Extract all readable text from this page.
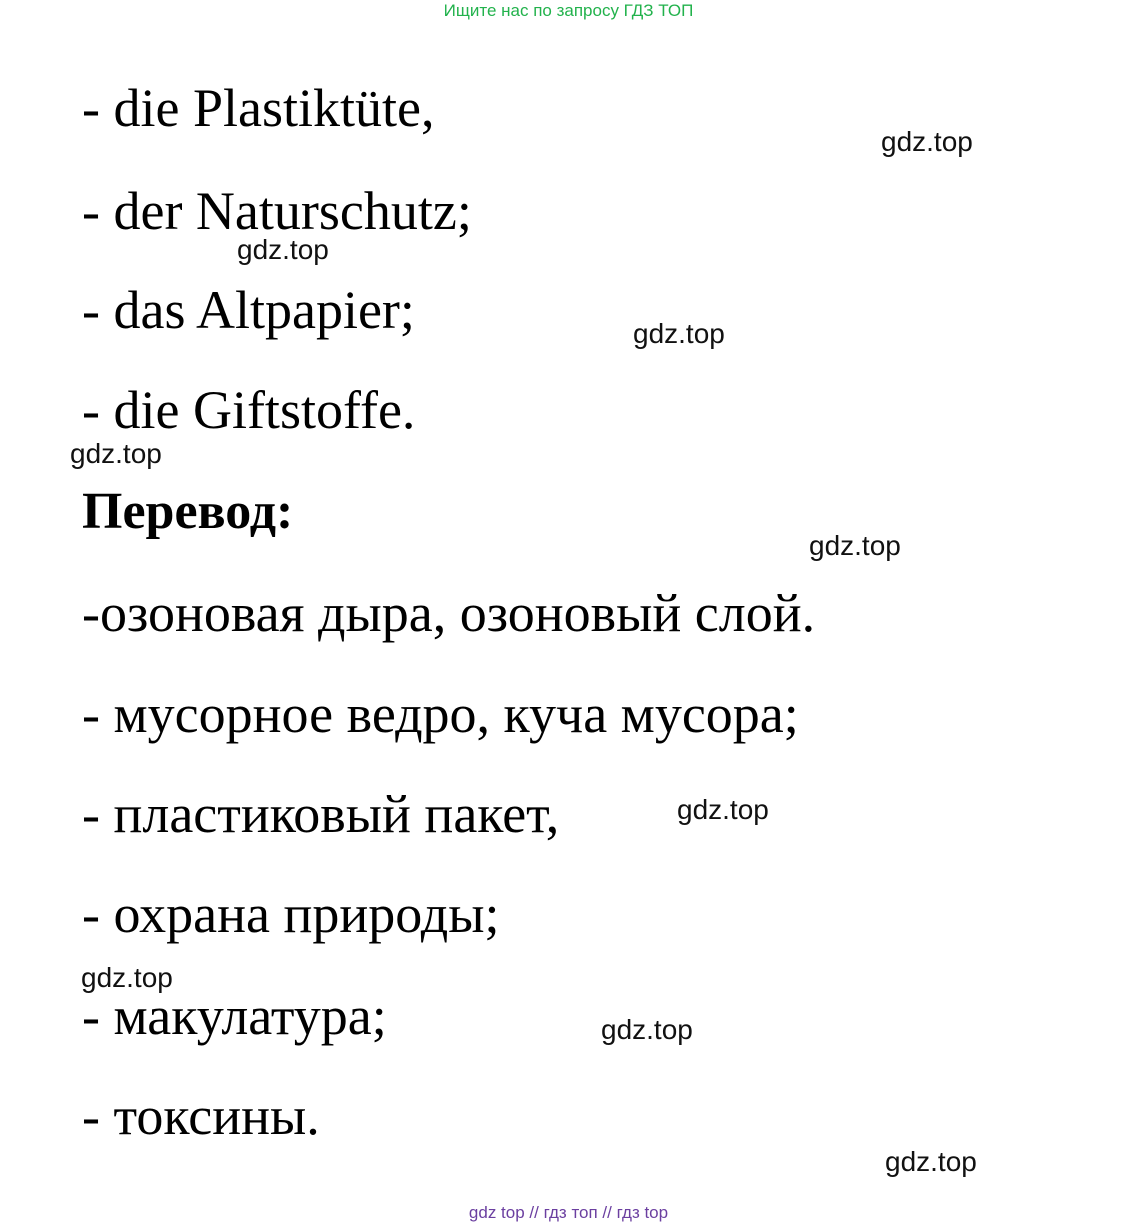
Ищите нас по запросу ГДЗ ТОП

- die Plastiktüte,

- der Naturschutz;

- das Altpapier;

- die Giftstoffe.

Перевод:

-озоновая дыра, озоновый слой.

- мусорное ведро, куча мусора;

- пластиковый пакет,

- охрана природы;

- макулатура;

- токсины.

gdz.top
gdz.top
gdz.top
gdz.top
gdz.top
gdz.top
gdz.top
gdz.top
gdz.top
gdz top // гдз топ // гдз top
